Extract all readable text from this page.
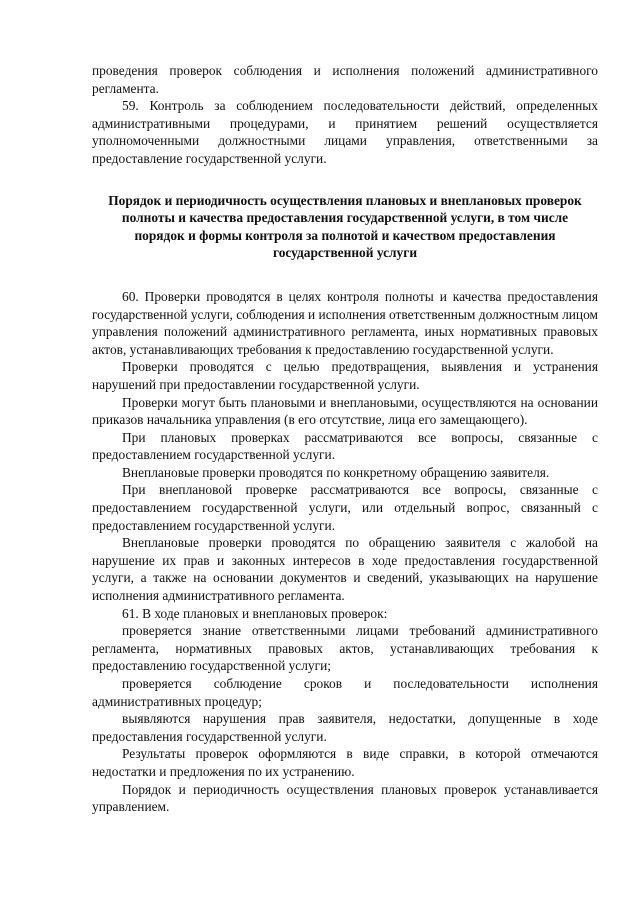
проведения проверок соблюдения и исполнения положений административного регламента.

59. Контроль за соблюдением последовательности действий, определенных административными процедурами, и принятием решений осуществляется уполномоченными должностными лицами управления, ответственными за предоставление государственной услуги.

Порядок и периодичность осуществления плановых и внеплановых проверок полноты и качества предоставления государственной услуги, в том числе порядок и формы контроля за полнотой и качеством предоставления государственной услуги

60. Проверки проводятся в целях контроля полноты и качества предоставления государственной услуги, соблюдения и исполнения ответственным должностным лицом управления положений административного регламента, иных нормативных правовых актов, устанавливающих требования к предоставлению государственной услуги.

Проверки проводятся с целью предотвращения, выявления и устранения нарушений при предоставлении государственной услуги.

Проверки могут быть плановыми и внеплановыми, осуществляются на основании приказов начальника управления (в его отсутствие, лица его замещающего).

При плановых проверках рассматриваются все вопросы, связанные с предоставлением государственной услуги.

Внеплановые проверки проводятся по конкретному обращению заявителя.

При внеплановой проверке рассматриваются все вопросы, связанные с предоставлением государственной услуги, или отдельный вопрос, связанный с предоставлением государственной услуги.

Внеплановые проверки проводятся по обращению заявителя с жалобой на нарушение их прав и законных интересов в ходе предоставления государственной услуги, а также на основании документов и сведений, указывающих на нарушение исполнения административного регламента.

61. В ходе плановых и внеплановых проверок:

проверяется знание ответственными лицами требований административного регламента, нормативных правовых актов, устанавливающих требования к предоставлению государственной услуги;

проверяется соблюдение сроков и последовательности исполнения административных процедур;

выявляются нарушения прав заявителя, недостатки, допущенные в ходе предоставления государственной услуги.

Результаты проверок оформляются в виде справки, в которой отмечаются недостатки и предложения по их устранению.

Порядок и периодичность осуществления плановых проверок устанавливается управлением.
